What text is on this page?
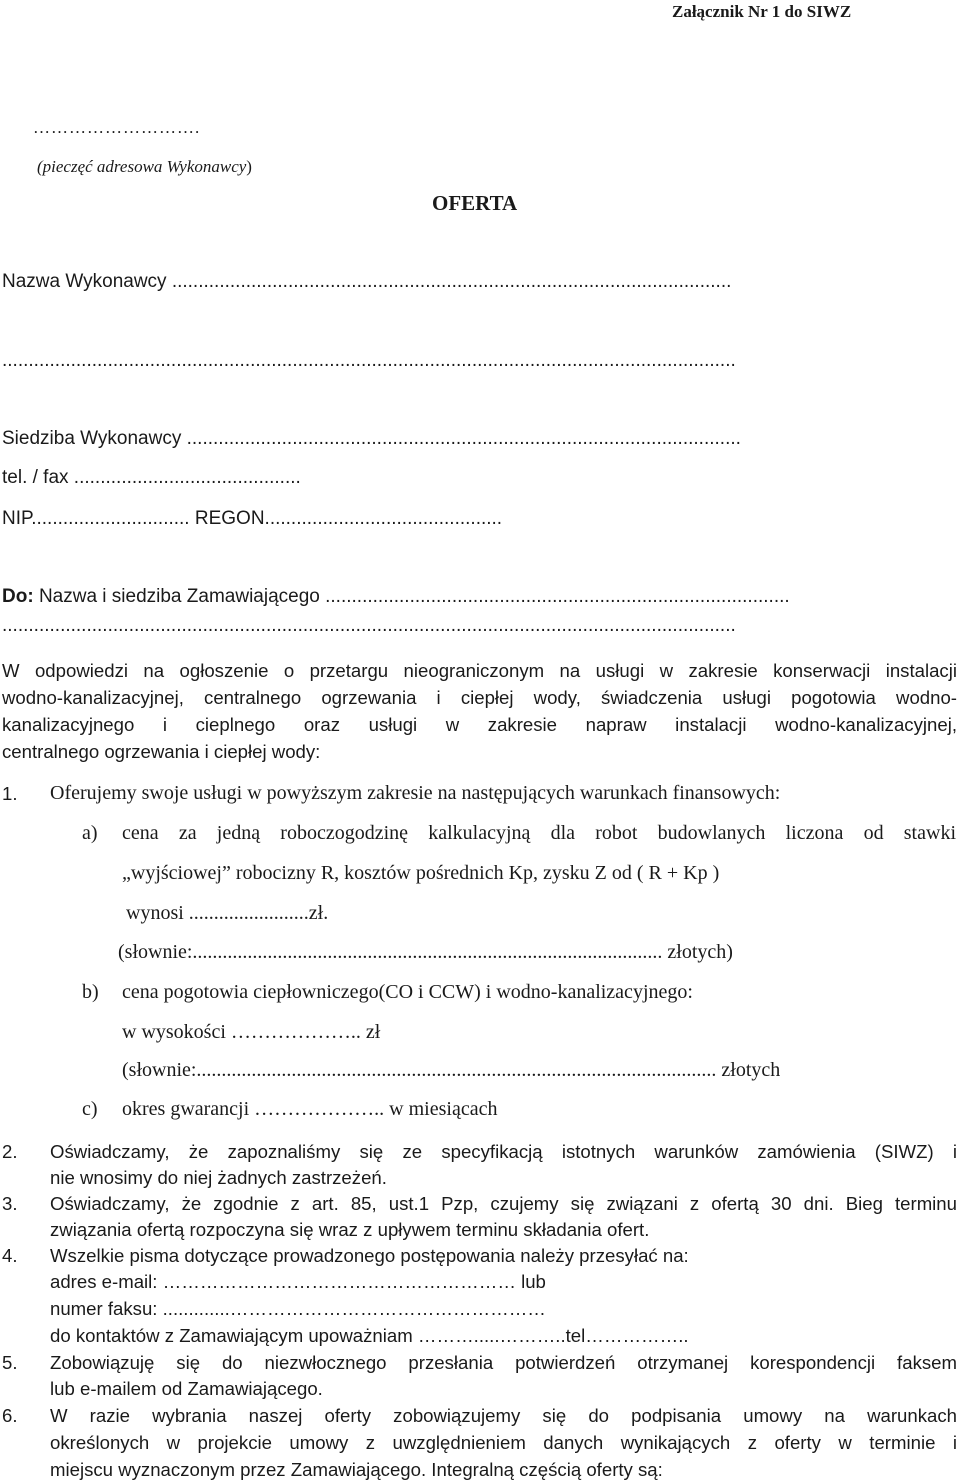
Załącznik Nr 1 do SIWZ
……………………….
(pieczęć adresowa Wykonawcy)
OFERTA
Nazwa Wykonawcy ..........................................................................................................
...........................................................................................................................................
Siedziba Wykonawcy .........................................................................................................
tel. / fax ...........................................
NIP.............................. REGON.............................................
Do: Nazwa i siedziba Zamawiającego ........................................................................................
...........................................................................................................................................
W odpowiedzi na ogłoszenie o przetargu nieograniczonym na usługi w zakresie konserwacji instalacji
wodno-kanalizacyjnej, centralnego ogrzewania i ciepłej wody, świadczenia usługi pogotowia wodno-
kanalizacyjnego i cieplnego oraz usługi w zakresie napraw instalacji wodno-kanalizacyjnej,
centralnego ogrzewania i ciepłej wody:
1. Oferujemy swoje usługi w powyższym zakresie na następujących warunkach finansowych:
a) cena za jedną roboczogodzinę kalkulacyjną dla robot budowlanych liczona od stawki
„wyjściowej” robocizny R, kosztów pośrednich Kp, zysku Z od ( R + Kp )
wynosi ........................zł.
(słownie:.............................................................................................. złotych)
b) cena pogotowia ciepłowniczego(CO i CCW) i wodno-kanalizacyjnego:
w wysokości ……………….. zł
(słownie:........................................................................................................ złotych
c) okres gwarancji ……………….. w miesiącach
2. Oświadczamy, że zapoznaliśmy się ze specyfikacją istotnych warunków zamówienia (SIWZ) i
nie wnosimy do niej żadnych zastrzeżeń.
3. Oświadczamy, że zgodnie z art. 85, ust.1 Pzp, czujemy się związani z ofertą 30 dni. Bieg terminu
związania ofertą rozpoczyna się wraz z upływem terminu składania ofert.
4. Wszelkie pisma dotyczące prowadzonego postępowania należy przesyłać na:
adres e-mail: ………………………………………………… lub
numer faksu: .............……………………………………………
do kontaktów z Zamawiającym upoważniam ……….....………..tel……………..
5. Zobowiązuję się do niezwłocznego przesłania potwierdzeń otrzymanej korespondencji faksem
lub e-mailem od Zamawiającego.
6. W razie wybrania naszej oferty zobowiązujemy się do podpisania umowy na warunkach
określonych w projekcie umowy z uwzględnieniem danych wynikających z oferty w terminie i
miejscu wyznaczonym przez Zamawiającego. Integralną częścią oferty są:
